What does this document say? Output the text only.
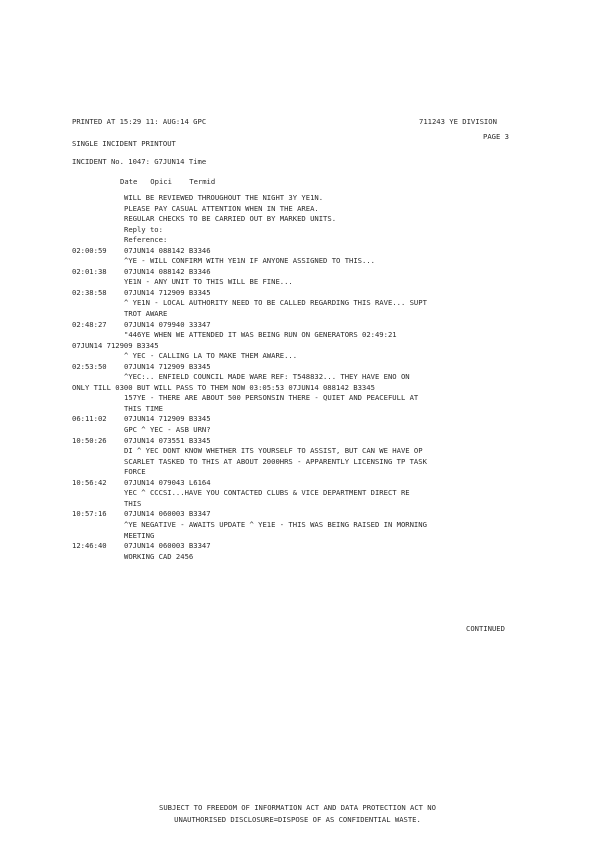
PRINTED AT 15:29 11: AUG:14 GPC	711243 YE DIVISION
PAGE 3
SINGLE INCIDENT PRINTOUT
INCIDENT No. 1047: G7JUN14 Time
Date   Opici    Termid
WILL BE REVIEWED THROUGHOUT THE NIGHT 3Y YE1N.
PLEASE PAY CASUAL ATTENTION WHEN IN THE AREA.
REGULAR CHECKS TO BE CARRIED OUT BY MARKED UNITS.
Reply to:
Reference:
02:00:59 07JUN14 088142 B3346
^YE - WILL CONFIRM WITH YE1N IF ANYONE ASSIGNED TO THIS...
02:01:38 07JUN14 088142 B3346
YE1N - ANY UNIT TO THIS WILL BE FINE...
02:38:58 07JUN14 712909 B3345
^ YE1N - LOCAL AUTHORITY NEED TO BE CALLED REGARDING THIS RAVE... SUPT
TROT AWARE
02:48:27 07JUN14 079940 33347
"446YE WHEN WE ATTENDED IT WAS BEING RUN ON GENERATORS 02:49:21
07JUN14 712909 B3345
^ YEC - CALLING LA TO MAKE THEM AWARE...
02:53:50 07JUN14 712909 B3345
^YEC:.. ENFIELD COUNCIL MADE WARE REF: T548832... THEY HAVE ENO ON
ONLY TILL 0300 BUT WILL PASS TO THEM NOW 03:05:53 07JUN14 088142 B3345
157YE - THERE ARE ABOUT 500 PERSONSIN THERE - QUIET AND PEACEFULL AT
THIS TIME
06:11:02 07JUN14 712909 B3345
GPC ^ YEC - ASB URN?
10:50:26 07JUN14 073551 B3345
DI ^ YEC DONT KNOW WHETHER ITS YOURSELF TO ASSIST, BUT CAN WE HAVE OP
SCARLET TASKED TO THIS AT ABOUT 2000HRS - APPARENTLY LICENSING TP TASK
FORCE
10:56:42 07JUN14 079043 L6164
YEC ^ CCCSI...HAVE YOU CONTACTED CLUBS & VICE DEPARTMENT DIRECT RE
THIS
10:57:16 07JUN14 060003 B3347
^YE NEGATIVE - AWAITS UPDATE ^ YE1E - THIS WAS BEING RAISED IN MORNING
MEETING
12:46:40 07JUN14 060003 B3347
WORKING CAD 2456
CONTINUED
SUBJECT TO FREEDOM OF INFORMATION ACT AND DATA PROTECTION ACT NO
UNAUTHORISED DISCLOSURE=DISPOSE OF AS CONFIDENTIAL WASTE.
